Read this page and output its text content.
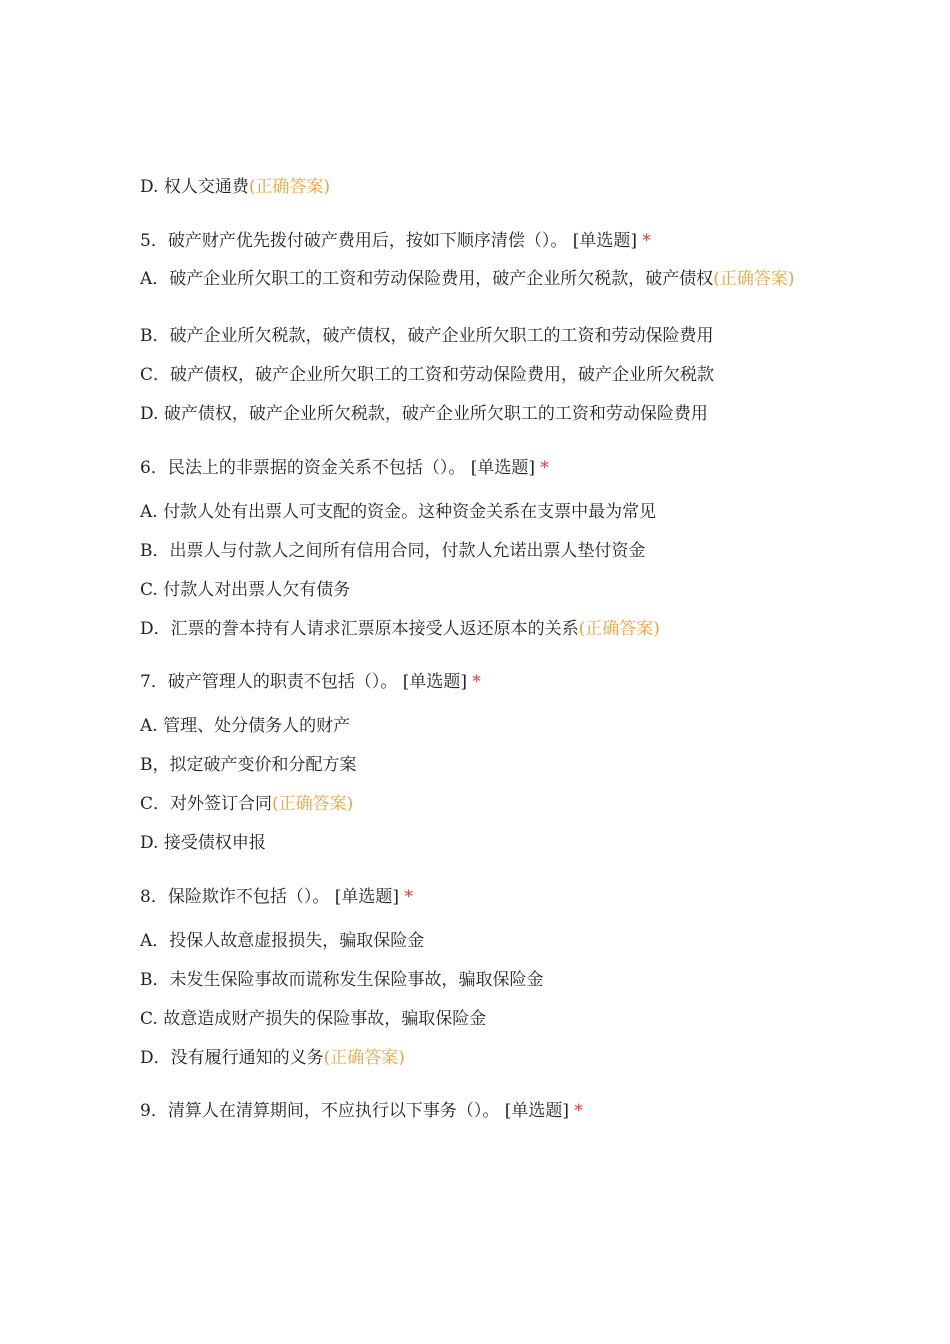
D. 权人交通费(正确答案)
5．破产财产优先拨付破产费用后，按如下顺序清偿（）。 [单选题] *
A．破产企业所欠职工的工资和劳动保险费用，破产企业所欠税款，破产债权(正确答案)
B．破产企业所欠税款，破产债权，破产企业所欠职工的工资和劳动保险费用
C．破产债权，破产企业所欠职工的工资和劳动保险费用，破产企业所欠税款
D. 破产债权，破产企业所欠税款，破产企业所欠职工的工资和劳动保险费用
6．民法上的非票据的资金关系不包括（）。 [单选题] *
A. 付款人处有出票人可支配的资金。这种资金关系在支票中最为常见
B．出票人与付款人之间所有信用合同，付款人允诺出票人垫付资金
C. 付款人对出票人欠有债务
D．汇票的誊本持有人请求汇票原本接受人返还原本的关系(正确答案)
7．破产管理人的职责不包括（）。 [单选题] *
A. 管理、处分债务人的财产
B，拟定破产变价和分配方案
C．对外签订合同(正确答案)
D. 接受债权申报
8．保险欺诈不包括（）。 [单选题] *
A．投保人故意虚报损失，骗取保险金
B．未发生保险事故而谎称发生保险事故，骗取保险金
C. 故意造成财产损失的保险事故，骗取保险金
D．没有履行通知的义务(正确答案)
9．清算人在清算期间，不应执行以下事务（）。 [单选题] *
